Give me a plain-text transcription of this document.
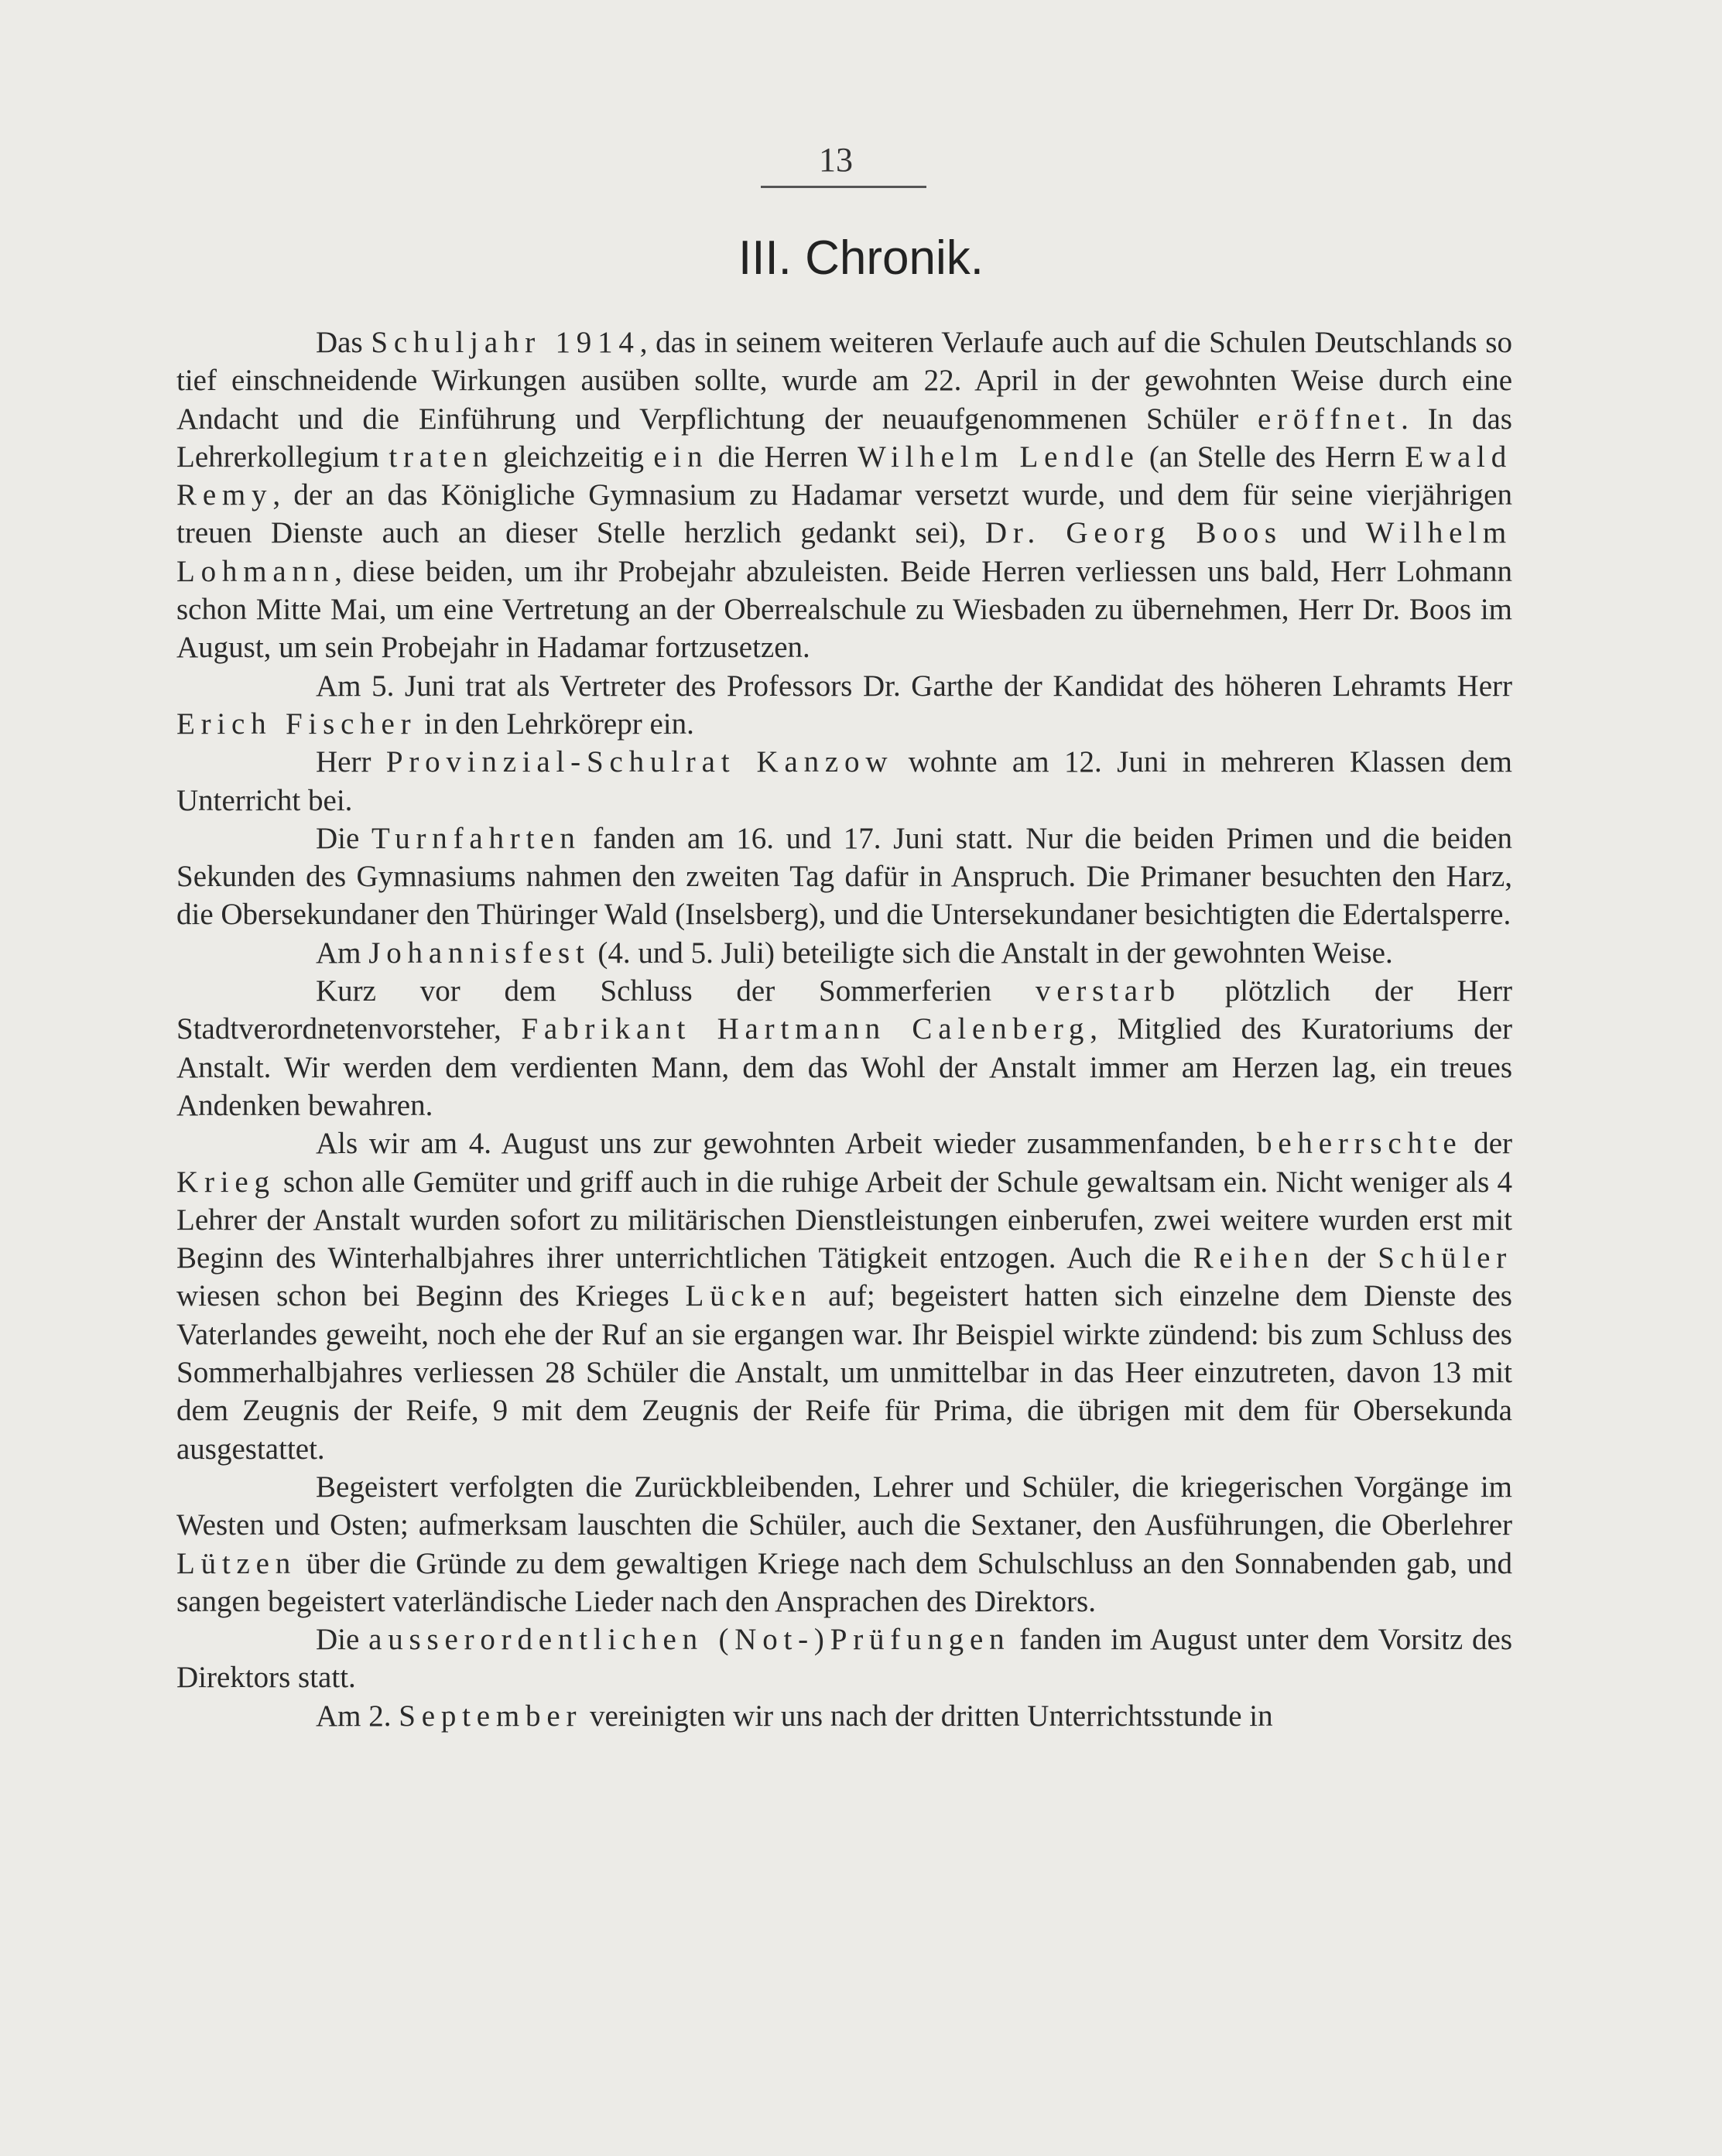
13
III. Chronik.

Das Schuljahr 1914, das in seinem weiteren Verlaufe auch auf die Schulen Deutschlands so tief einschneidende Wirkungen ausüben sollte, wurde am 22. April in der gewohnten Weise durch eine Andacht und die Einführung und Verpflichtung der neuaufgenommenen Schüler eröffnet. In das Lehrerkollegium traten gleichzeitig ein die Herren Wilhelm Lendle (an Stelle des Herrn Ewald Remy, der an das Königliche Gymnasium zu Hadamar versetzt wurde, und dem für seine vierjährigen treuen Dienste auch an dieser Stelle herzlich gedankt sei), Dr. Georg Boos und Wilhelm Lohmann, diese beiden, um ihr Probejahr abzuleisten. Beide Herren verliessen uns bald, Herr Lohmann schon Mitte Mai, um eine Vertretung an der Oberrealschule zu Wiesbaden zu übernehmen, Herr Dr. Boos im August, um sein Probejahr in Hadamar fortzusetzen.

Am 5. Juni trat als Vertreter des Professors Dr. Garthe der Kandidat des höheren Lehramts Herr Erich Fischer in den Lehrkörepr ein.

Herr Provinzial-Schulrat Kanzow wohnte am 12. Juni in mehreren Klassen dem Unterricht bei.

Die Turnfahrten fanden am 16. und 17. Juni statt. Nur die beiden Primen und die beiden Sekunden des Gymnasiums nahmen den zweiten Tag dafür in Anspruch. Die Primaner besuchten den Harz, die Obersekundaner den Thüringer Wald (Inselsberg), und die Untersekundaner besichtigten die Edertalsperre.

Am Johannisfest (4. und 5. Juli) beteiligte sich die Anstalt in der gewohnten Weise.

Kurz vor dem Schluss der Sommerferien verstarb plötzlich der Herr Stadtverordnetenvorsteher, Fabrikant Hartmann Calenberg, Mitglied des Kuratoriums der Anstalt. Wir werden dem verdienten Mann, dem das Wohl der Anstalt immer am Herzen lag, ein treues Andenken bewahren.

Als wir am 4. August uns zur gewohnten Arbeit wieder zusammenfanden, beherrschte der Krieg schon alle Gemüter und griff auch in die ruhige Arbeit der Schule gewaltsam ein. Nicht weniger als 4 Lehrer der Anstalt wurden sofort zu militärischen Dienstleistungen einberufen, zwei weitere wurden erst mit Beginn des Winterhalbjahres ihrer unterrichtlichen Tätigkeit entzogen. Auch die Reihen der Schüler wiesen schon bei Beginn des Krieges Lücken auf; begeistert hatten sich einzelne dem Dienste des Vaterlandes geweiht, noch ehe der Ruf an sie ergangen war. Ihr Beispiel wirkte zündend: bis zum Schluss des Sommerhalbjahres verliessen 28 Schüler die Anstalt, um unmittelbar in das Heer einzutreten, davon 13 mit dem Zeugnis der Reife, 9 mit dem Zeugnis der Reife für Prima, die übrigen mit dem für Obersekunda ausgestattet.

Begeistert verfolgten die Zurückbleibenden, Lehrer und Schüler, die kriegerischen Vorgänge im Westen und Osten; aufmerksam lauschten die Schüler, auch die Sextaner, den Ausführungen, die Oberlehrer Lützen über die Gründe zu dem gewaltigen Kriege nach dem Schulschluss an den Sonnabenden gab, und sangen begeistert vaterländische Lieder nach den Ansprachen des Direktors.

Die ausserordentlichen (Not-)Prüfungen fanden im August unter dem Vorsitz des Direktors statt.

Am 2. September vereinigten wir uns nach der dritten Unterrichtsstunde in
